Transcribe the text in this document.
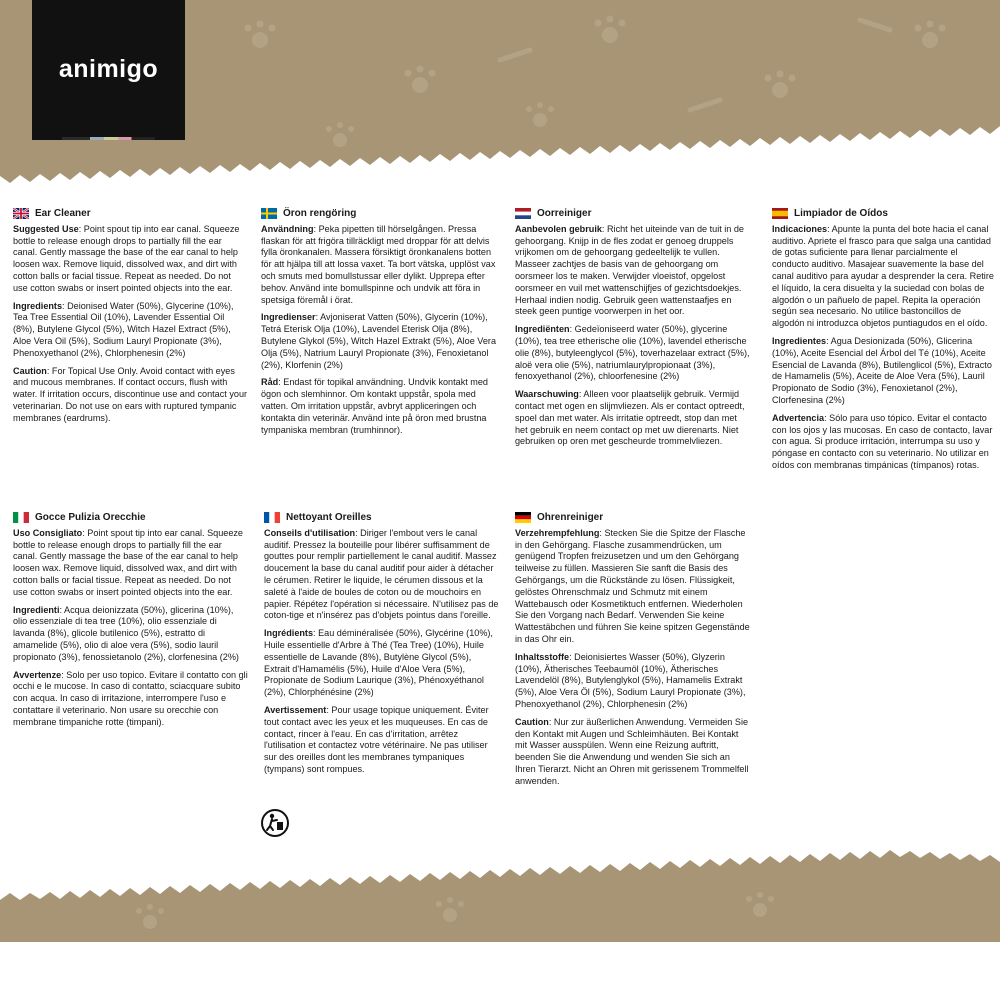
animigo
Ear Cleaner

Suggested Use: Point spout tip into ear canal. Squeeze bottle to release enough drops to partially fill the ear canal. Gently massage the base of the ear canal to help loosen wax. Remove liquid, dissolved wax, and dirt with cotton balls or facial tissue. Repeat as needed. Do not use cotton swabs or insert pointed objects into the ear.

Ingredients: Deionised Water (50%), Glycerine (10%), Tea Tree Essential Oil (10%), Lavender Essential Oil (8%), Butylene Glycol (5%), Witch Hazel Extract (5%), Aloe Vera Oil (5%), Sodium Lauryl Propionate (3%), Phenoxyethanol (2%), Chlorphenesin (2%)

Caution: For Topical Use Only. Avoid contact with eyes and mucous membranes. If contact occurs, flush with water. If irritation occurs, discontinue use and contact your veterinarian. Do not use on ears with ruptured tympanic membranes (eardrums).

Öron rengöring

Användning: Peka pipetten till hörselgången. Pressa flaskan för att frigöra tillräckligt med droppar för att delvis fylla öronkanalen. Massera försiktigt öronkanalens botten för att hjälpa till att lossa vaxet. Ta bort vätska, upplöst vax och smuts med bomullstussar eller dylikt. Upprepa efter behov. Använd inte bomullspinne och undvik att föra in spetsiga föremål i örat.

Ingredienser: Avjoniserat Vatten (50%), Glycerin (10%), Tetrá Eterisk Olja (10%), Lavendel Eterisk Olja (8%), Butylene Glykol (5%), Witch Hazel Extrakt (5%), Aloe Vera Olja (5%), Natrium Lauryl Propionate (3%), Fenoxietanol (2%), Klorfenin (2%)

Råd: Endast för topikal användning. Undvik kontakt med ögon och slemhinnor. Om kontakt uppstår, spola med vatten. Om irritation uppstår, avbryt appliceringen och kontakta din veterinär. Använd inte på öron med brustna tympaniska membran (trumhinnor).

Oorreiniger

Aanbevolen gebruik: Richt het uiteinde van de tuit in de gehoorgang. Knijp in de fles zodat er genoeg druppels vrijkomen om de gehoorgang gedeeltelijk te vullen. Masseer zachtjes de basis van de gehoorgang om oorsmeer los te maken. Verwijder vloeistof, opgelost oorsmeer en vuil met wattenschijfjes of gezichtsdoekjes. Herhaal indien nodig. Gebruik geen wattenstaafjes en steek geen puntige voorwerpen in het oor.

Ingrediënten: Gedeïoniseerd water (50%), glycerine (10%), tea tree etherische olie (10%), lavendel etherische olie (8%), butyleenglycol (5%), toverhazelaar extract (5%), aloë vera olie (5%), natriumlaurylpropionaat (3%), fenoxyethanol (2%), chloorfenesine (2%)

Waarschuwing: Alleen voor plaatselijk gebruik. Vermijd contact met ogen en slijmvliezen. Als er contact optreedt, spoel dan met water. Als irritatie optreedt, stop dan met het gebruik en neem contact op met uw dierenarts. Niet gebruiken op oren met gescheurde trommelvliezen.

Limpiador de Oídos

Indicaciones: Apunte la punta del bote hacia el canal auditivo. Apriete el frasco para que salga una cantidad de gotas suficiente para llenar parcialmente el conducto auditivo. Masajear suavemente la base del canal auditivo para ayudar a desprender la cera. Retire el líquido, la cera disuelta y la suciedad con bolas de algodón o un pañuelo de papel. Repita la operación según sea necesario. No utilice bastoncillos de algodón ni introduzca objetos puntiagudos en el oído.

Ingredientes: Agua Desionizada (50%), Glicerina (10%), Aceite Esencial del Árbol del Té (10%), Aceite Esencial de Lavanda (8%), Butilenglicol (5%), Extracto de Hamamelis (5%), Aceite de Aloe Vera (5%), Lauril Propionato de Sodio (3%), Fenoxietanol (2%), Clorfenesina (2%)

Advertencia: Sólo para uso tópico. Evitar el contacto con los ojos y las mucosas. En caso de contacto, lavar con agua. Si produce irritación, interrumpa su uso y póngase en contacto con su veterinario. No utilizar en oídos con membranas timpánicas (tímpanos) rotas.

Gocce Pulizia Orecchie

Uso Consigliato: Point spout tip into ear canal. Squeeze bottle to release enough drops to partially fill the ear canal. Gently massage the base of the ear canal to help loosen wax. Remove liquid, dissolved wax, and dirt with cotton balls or facial tissue. Repeat as needed. Do not use cotton swabs or insert pointed objects into the ear.

Ingredienti: Acqua deionizzata (50%), glicerina (10%), olio essenziale di tea tree (10%), olio essenziale di lavanda (8%), glicole butilenico (5%), estratto di amamelide (5%), olio di aloe vera (5%), sodio lauril propionato (3%), fenossietanolo (2%), clorfenesina (2%)

Avvertenze: Solo per uso topico. Evitare il contatto con gli occhi e le mucose. In caso di contatto, sciacquare subito con acqua. In caso di irritazione, interrompere l'uso e contattare il veterinario. Non usare su orecchie con membrane timpaniche rotte (timpani).

Nettoyant Oreilles

Conseils d'utilisation: Diriger l'embout vers le canal auditif. Pressez la bouteille pour libérer suffisamment de gouttes pour remplir partiellement le canal auditif. Massez doucement la base du canal auditif pour aider à détacher le cérumen. Retirer le liquide, le cérumen dissous et la saleté à l'aide de boules de coton ou de mouchoirs en papier. Répétez l'opération si nécessaire. N'utilisez pas de coton-tige et n'insérez pas d'objets pointus dans l'oreille.

Ingrédients: Eau déminéralisée (50%), Glycérine (10%), Huile essentielle d'Arbre à Thé (Tea Tree) (10%), Huile essentielle de Lavande (8%), Butylène Glycol (5%), Extrait d'Hamamélis (5%), Huile d'Aloe Vera (5%), Propionate de Sodium Laurique (3%), Phénoxyéthanol (2%), Chlorphénésine (2%)

Avertissement: Pour usage topique uniquement. Éviter tout contact avec les yeux et les muqueuses. En cas de contact, rincer à l'eau. En cas d'irritation, arrêtez l'utilisation et contactez votre vétérinaire. Ne pas utiliser sur des oreilles dont les membranes tympaniques (tympans) sont rompues.

Ohrenreiniger

Verzehrempfehlung: Stecken Sie die Spitze der Flasche in den Gehörgang. Flasche zusammendrücken, um genügend Tropfen freizusetzen und um den Gehörgang teilweise zu füllen. Massieren Sie sanft die Basis des Gehörgangs, um die Rückstände zu lösen. Flüssigkeit, gelöstes Ohrenschmalz und Schmutz mit einem Wattebausch oder Kosmetiktuch entfernen. Wiederholen Sie den Vorgang nach Bedarf. Verwenden Sie keine Wattestäbchen und führen Sie keine spitzen Gegenstände in das Ohr ein.

Inhaltsstoffe: Deionisiertes Wasser (50%), Glyzerin (10%), Ätherisches Teebaumöl (10%), Ätherisches Lavendelöl (8%), Butylenglykol (5%), Hamamelis Extrakt (5%), Aloe Vera Öl (5%), Sodium Lauryl Propionate (3%), Phenoxyethanol (2%), Chlorphenesin (2%)

Caution: Nur zur äußerlichen Anwendung. Vermeiden Sie den Kontakt mit Augen und Schleimhäuten. Bei Kontakt mit Wasser ausspülen. Wenn eine Reizung auftritt, beenden Sie die Anwendung und wenden Sie sich an Ihren Tierarzt. Nicht an Ohren mit gerissenem Trommelfell anwenden.
